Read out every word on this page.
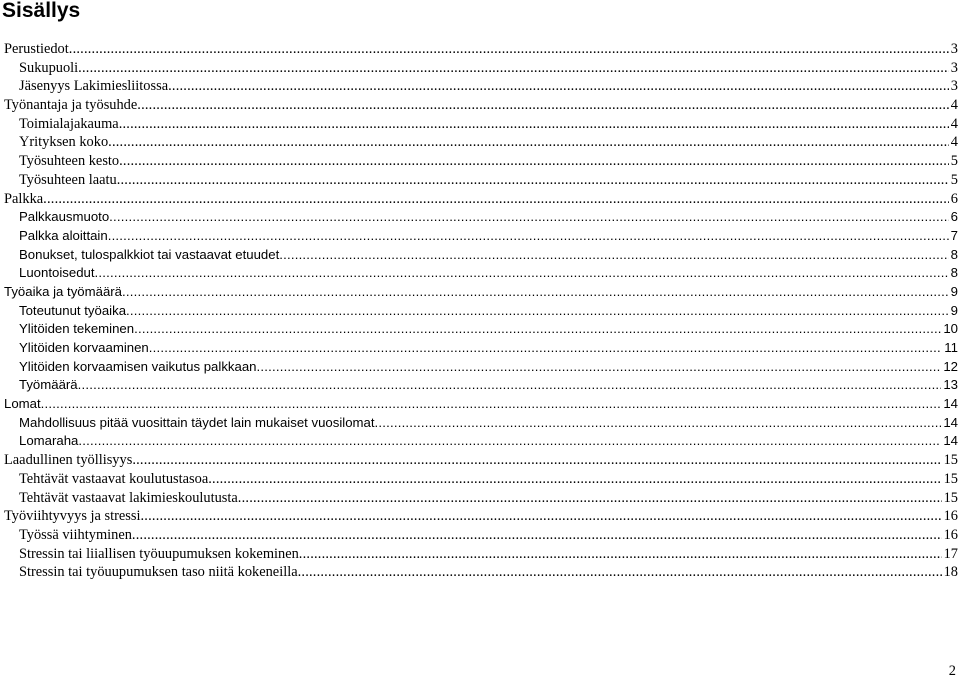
Sisällys
Perustiedot .....	3
Sukupuoli .....	3
Jäsenyys Lakimiesliitossa .....	3
Työnantaja ja työsuhde .....	4
Toimialajakauma .....	4
Yrityksen koko .....	4
Työsuhteen kesto .....	5
Työsuhteen laatu .....	5
Palkka .....	6
Palkkausmuoto .....	6
Palkka aloittain .....	7
Bonukset, tulospalkkiot tai vastaavat etuudet .....	8
Luontoisedut .....	8
Työaika ja työmäärä .....	9
Toteutunut työaika .....	9
Ylitöiden tekeminen .....	10
Ylitöiden korvaaminen .....	11
Ylitöiden korvaamisen vaikutus palkkaan .....	12
Työmäärä .....	13
Lomat .....	14
Mahdollisuus pitää vuosittain täydet lain mukaiset vuosilomat .....	14
Lomaraha .....	14
Laadullinen työllisyys .....	15
Tehtävät vastaavat koulutustasoa .....	15
Tehtävät vastaavat lakimieskoulutusta .....	15
Työviihtyvyys ja stressi .....	16
Työssä viihtyminen .....	16
Stressin tai liiallisen työuupumuksen kokeminen .....	17
Stressin tai työuupumuksen taso niitä kokeneilla .....	18
2
